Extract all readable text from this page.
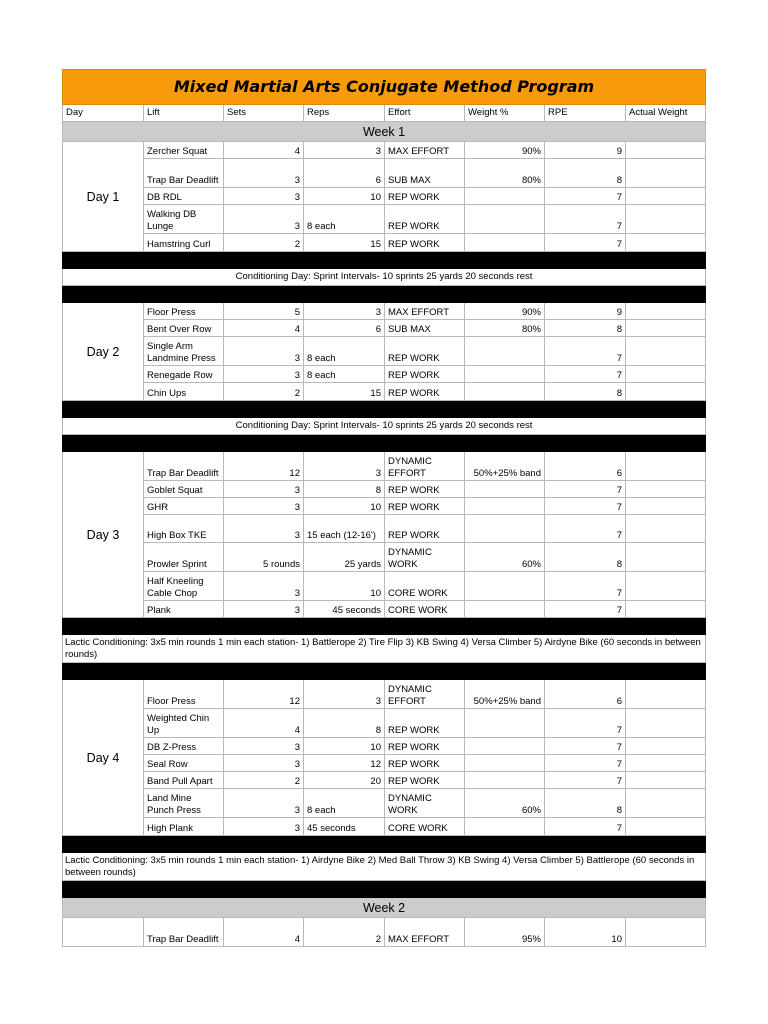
Mixed Martial Arts Conjugate Method Program							
Day	Lift	Sets	Reps	Effort	Weight %	RPE	Actual Weight
Week 1							
Day 1	Zercher Squat	4	3	MAX EFFORT	90%	9	
	Trap Bar Deadlift	3	6	SUB MAX	80%	8	
	DB RDL	3	10	REP WORK		7	
	Walking DB Lunge	3	8 each	REP WORK		7	
	Hamstring Curl	2	15	REP WORK		7	

Conditioning Day: Sprint Intervals- 10 sprints 25 yards 20 seconds rest							

Day 2	Floor Press	5	3	MAX EFFORT	90%	9	
	Bent Over Row	4	6	SUB MAX	80%	8	
	Single Arm Landmine Press	3	8 each	REP WORK		7	
	Renegade Row	3	8 each	REP WORK		7	
	Chin Ups	2	15	REP WORK		8	

Conditioning Day: Sprint Intervals- 10 sprints 25 yards 20 seconds rest							

Day 3	Trap Bar Deadlift	12	3	DYNAMIC EFFORT	50%+25% band	6	
	Goblet Squat	3	8	REP WORK		7	
	GHR	3	10	REP WORK		7	
	High Box TKE	3	15 each (12-16')	REP WORK		7	
	Prowler Sprint	5 rounds	25 yards	DYNAMIC WORK	60%	8	
	Half Kneeling Cable Chop	3	10	CORE WORK		7	
	Plank	3	45 seconds	CORE WORK		7	

Lactic Conditioning: 3x5 min rounds 1 min each station- 1) Battlerope 2) Tire Flip 3) KB Swing 4) Versa Climber 5) Airdyne Bike (60 seconds in between rounds)							

Day 4	Floor Press	12	3	DYNAMIC EFFORT	50%+25% band	6	
	Weighted Chin Up	4	8	REP WORK		7	
	DB Z-Press	3	10	REP WORK		7	
	Seal Row	3	12	REP WORK		7	
	Band Pull Apart	2	20	REP WORK		7	
	Land Mine Punch Press	3	8 each	DYNAMIC WORK	60%	8	
	High Plank	3	45 seconds	CORE WORK		7	

Lactic Conditioning: 3x5 min rounds 1 min each station- 1) Airdyne Bike 2) Med Ball Throw 3) KB Swing 4) Versa Climber 5) Battlerope (60 seconds in between rounds)							

Week 2							
	Trap Bar Deadlift	4	2	MAX EFFORT	95%	10	
